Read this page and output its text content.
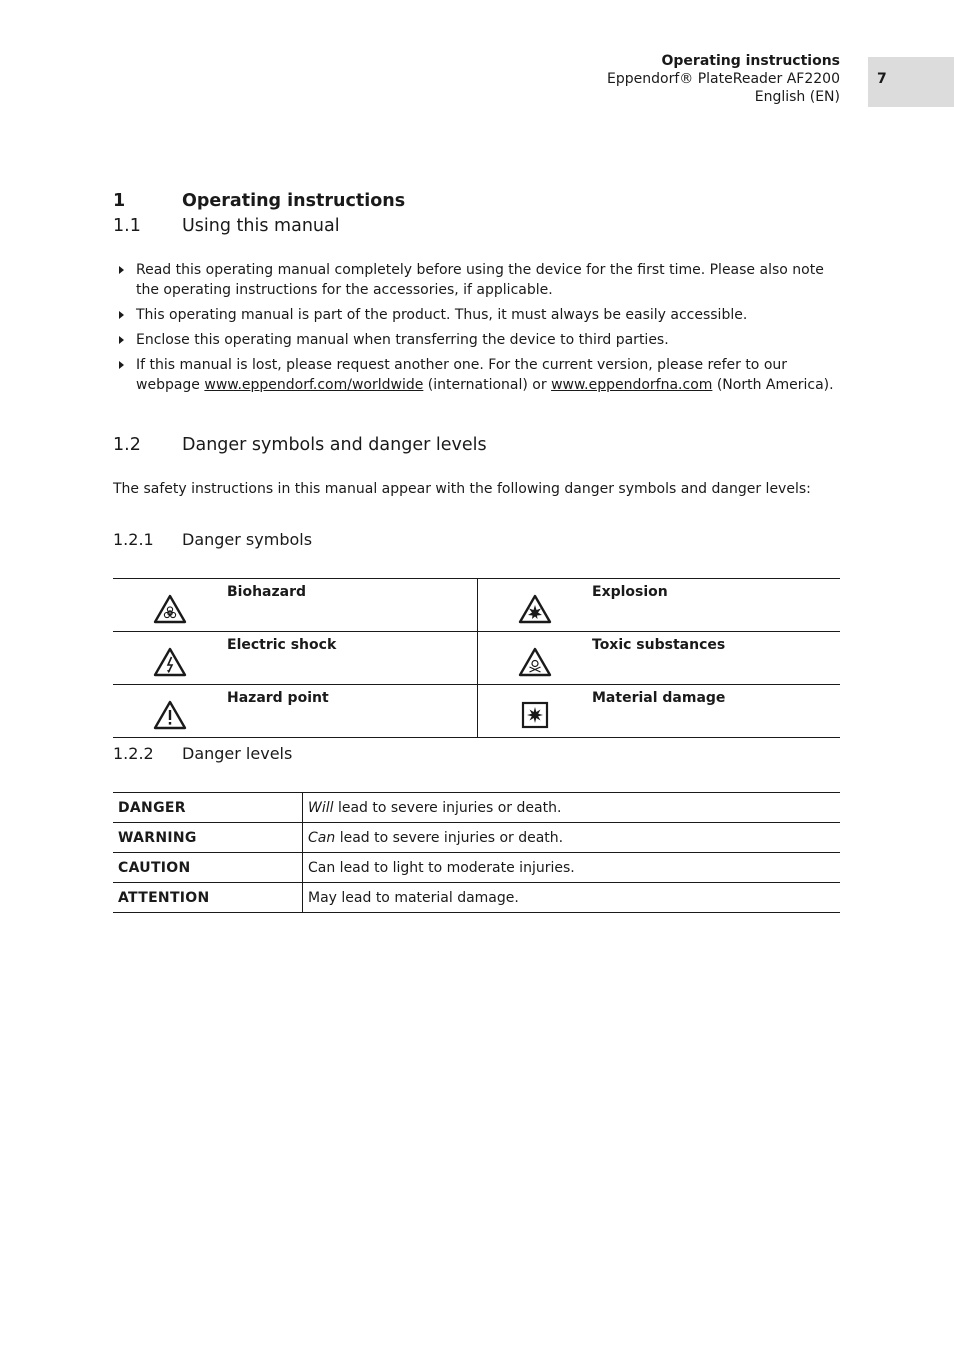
Operating instructions
Eppendorf® PlateReader AF2200
English (EN)
7
1	Operating instructions
1.1 Using this manual
Read this operating manual completely before using the device for the first time. Please also note the operating instructions for the accessories, if applicable.
This operating manual is part of the product. Thus, it must always be easily accessible.
Enclose this operating manual when transferring the device to third parties.
If this manual is lost, please request another one. For the current version, please refer to our webpage www.eppendorf.com/worldwide (international) or www.eppendorfna.com (North America).
1.2 Danger symbols and danger levels
The safety instructions in this manual appear with the following danger symbols and danger levels:
1.2.1 Danger symbols
	Biohazard		Explosion
	Electric shock		Toxic substances
	Hazard point		Material damage
1.2.2 Danger levels
DANGER	Will lead to severe injuries or death.
WARNING	Can lead to severe injuries or death.
CAUTION	Can lead to light to moderate injuries.
ATTENTION	May lead to material damage.
